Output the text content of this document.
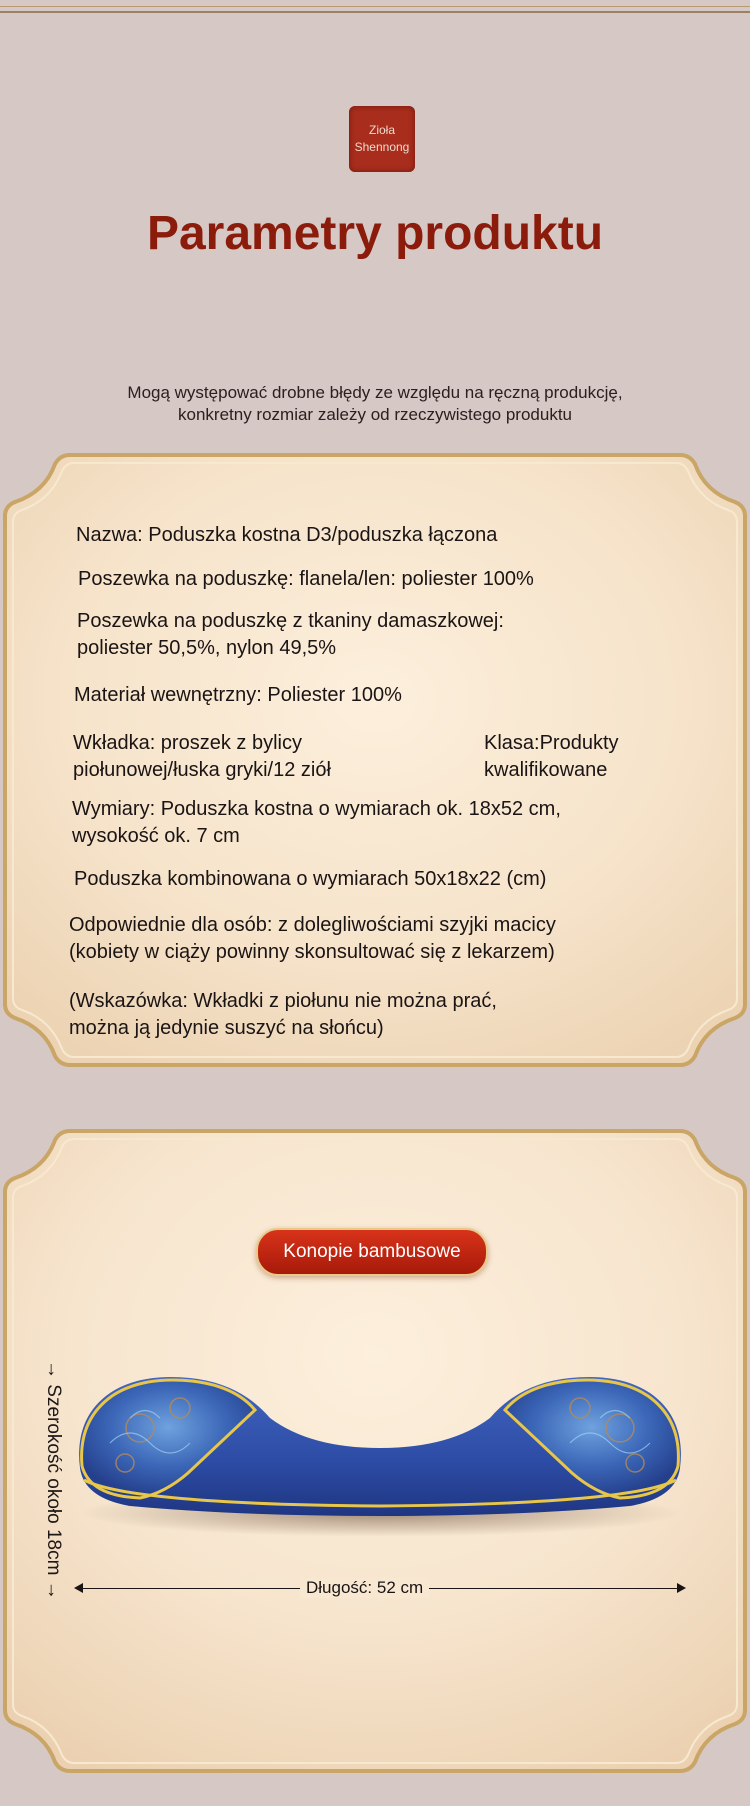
Zioła
Shennong
Parametry produktu
Mogą występować drobne błędy ze względu na ręczną produkcję,
konkretny rozmiar zależy od rzeczywistego produktu
Nazwa: Poduszka kostna D3/poduszka łączona
Poszewka na poduszkę: flanela/len: poliester 100%
Poszewka na poduszkę z tkaniny damaszkowej:
poliester 50,5%, nylon 49,5%
Materiał wewnętrzny: Poliester 100%
Wkładka: proszek z bylicy
piołunowej/łuska gryki/12 ziół
Klasa:Produkty
kwalifikowane
Wymiary: Poduszka kostna o wymiarach ok. 18x52 cm,
wysokość ok. 7 cm
Poduszka kombinowana o wymiarach 50x18x22 (cm)
Odpowiednie dla osób: z dolegliwościami szyjki macicy
(kobiety w ciąży powinny skonsultować się z lekarzem)
(Wskazówka: Wkładki z piołunu nie można prać,
można ją jedynie suszyć na słońcu)
Konopie bambusowe
→ Szerokość około 18cm →	Długość: 52 cm
